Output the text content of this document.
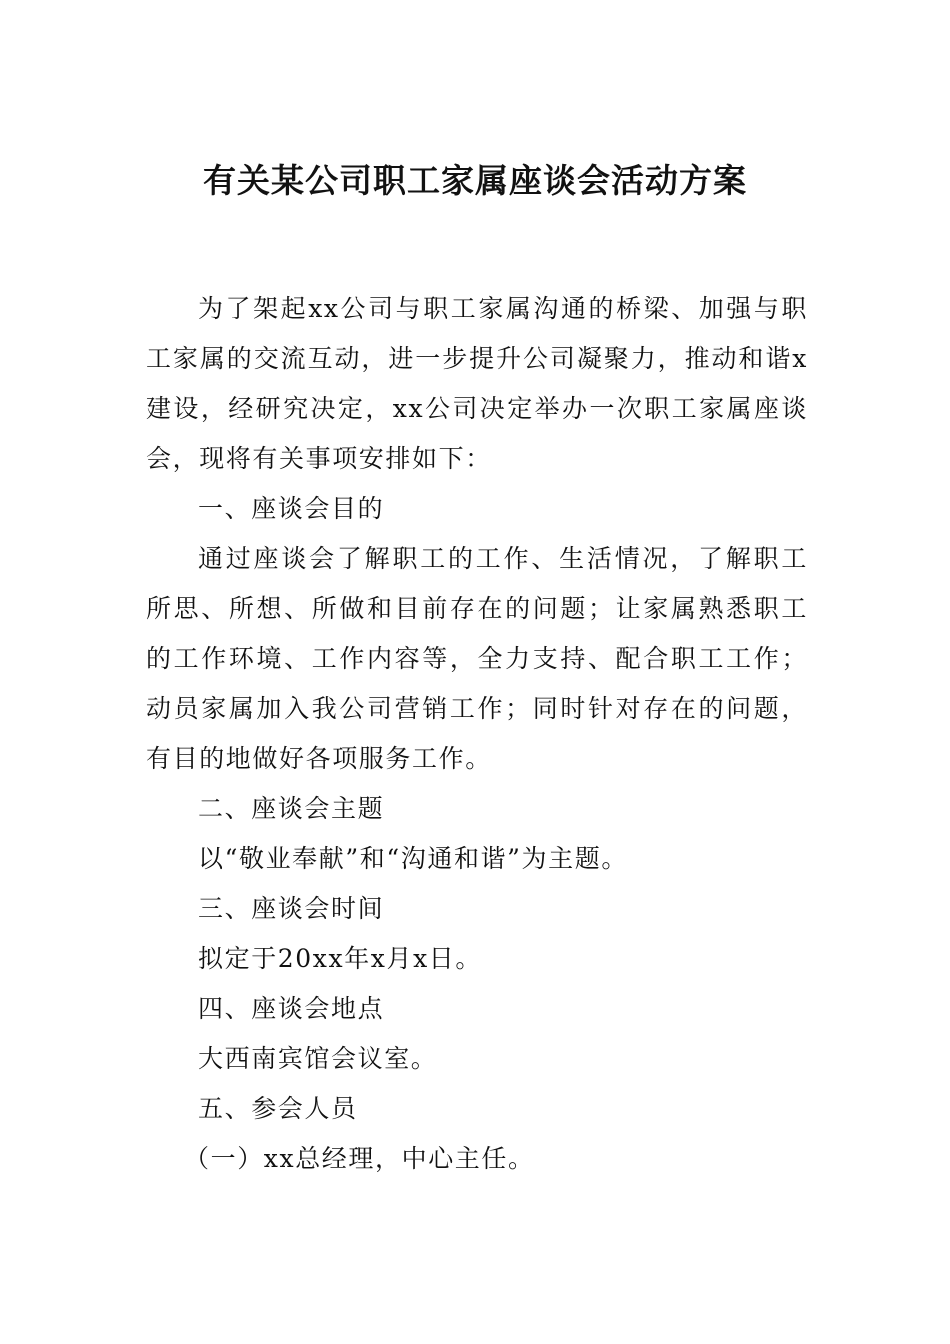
有关某公司职工家属座谈会活动方案

为了架起xx公司与职工家属沟通的桥梁、加强与职工家属的交流互动，进一步提升公司凝聚力，推动和谐x建设，经研究决定，xx公司决定举办一次职工家属座谈会，现将有关事项安排如下：

一、座谈会目的

通过座谈会了解职工的工作、生活情况，了解职工所思、所想、所做和目前存在的问题；让家属熟悉职工的工作环境、工作内容等，全力支持、配合职工工作；动员家属加入我公司营销工作；同时针对存在的问题，有目的地做好各项服务工作。

二、座谈会主题

以“敬业奉献”和“沟通和谐”为主题。

三、座谈会时间

拟定于20xx年x月x日。

四、座谈会地点

大西南宾馆会议室。

五、参会人员

（一）xx总经理，中心主任。
